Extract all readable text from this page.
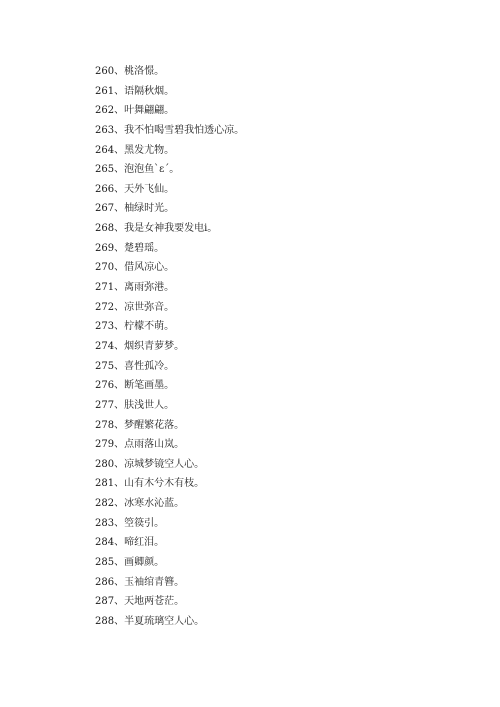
260、桃洛憬。
261、语隔秋烟。
262、叶舞翩翩。
263、我不怕喝雪碧我怕透心凉。
264、黑发尤物。
265、泡泡鱼ˋεˊ。
266、天外飞仙。
267、柚绿时光。
268、我是女神我要发电ⅰ。
269、楚碧瑶。
270、借风凉心。
271、离雨弥港。
272、凉世弥音。
273、柠檬不萌。
274、烟织青萝梦。
275、喜性孤冷。
276、断笔画墨。
277、肤浅世人。
278、梦醒繁花落。
279、点雨落山岚。
280、凉城梦镜空人心。
281、山有木兮木有枝。
282、冰寒水沁蓝。
283、箜篌引。
284、啼红泪。
285、画卿颜。
286、玉袖绾青簪。
287、天地两苍茫。
288、半夏琉璃空人心。
